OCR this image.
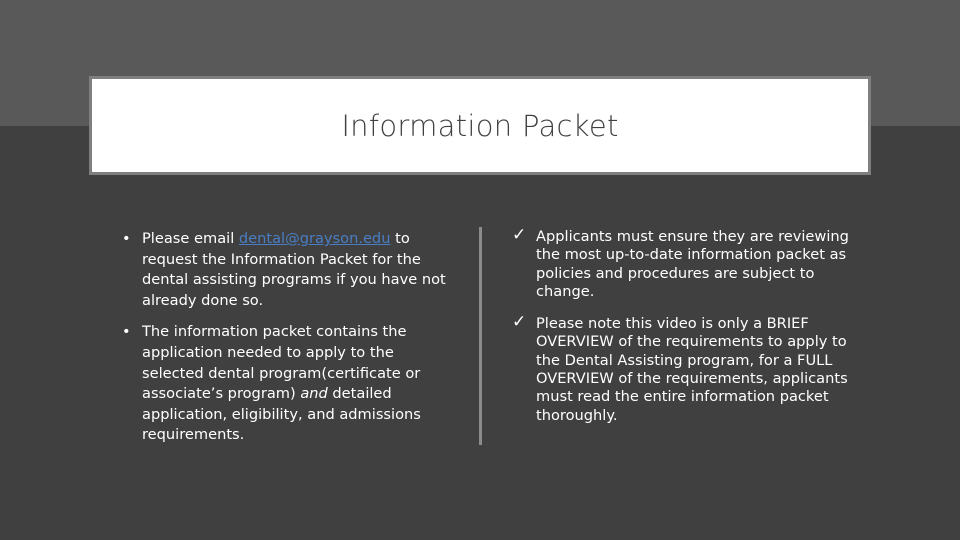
Information Packet
• Please email dental@grayson.edu to request the Information Packet for the dental assisting programs if you have not already done so.
• The information packet contains the application needed to apply to the selected dental program(certificate or associate’s program) and detailed application, eligibility, and admissions requirements.
✓ Applicants must ensure they are reviewing the most up-to-date information packet as policies and procedures are subject to change.
✓ Please note this video is only a BRIEF OVERVIEW of the requirements to apply to the Dental Assisting program, for a FULL OVERVIEW of the requirements, applicants must read the entire information packet thoroughly.
